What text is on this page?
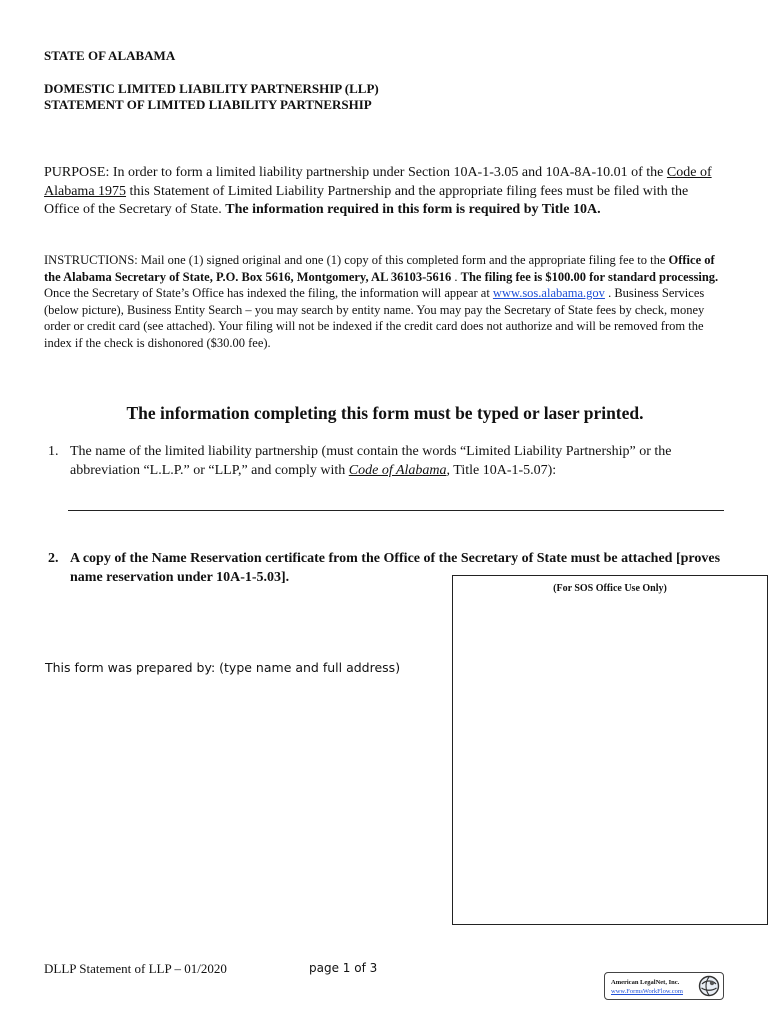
STATE OF ALABAMA
DOMESTIC LIMITED LIABILITY PARTNERSHIP (LLP)
STATEMENT OF LIMITED LIABILITY PARTNERSHIP
PURPOSE: In order to form a limited liability partnership under Section 10A-1-3.05 and 10A-8A-10.01 of the Code of Alabama 1975 this Statement of Limited Liability Partnership and the appropriate filing fees must be filed with the Office of the Secretary of State. The information required in this form is required by Title 10A.
INSTRUCTIONS: Mail one (1) signed original and one (1) copy of this completed form and the appropriate filing fee to the Office of the Alabama Secretary of State, P.O. Box 5616, Montgomery, AL 36103-5616 . The filing fee is $100.00 for standard processing. Once the Secretary of State’s Office has indexed the filing, the information will appear at www.sos.alabama.gov . Business Services (below picture), Business Entity Search – you may search by entity name. You may pay the Secretary of State fees by check, money order or credit card (see attached). Your filing will not be indexed if the credit card does not authorize and will be removed from the index if the check is dishonored ($30.00 fee).
The information completing this form must be typed or laser printed.
1. The name of the limited liability partnership (must contain the words “Limited Liability Partnership” or the abbreviation “L.L.P.” or “LLP,” and comply with Code of Alabama, Title 10A-1-5.07):
2. A copy of the Name Reservation certificate from the Office of the Secretary of State must be attached [proves name reservation under 10A-1-5.03].
(For SOS Office Use Only)
This form was prepared by: (type name and full address)
DLLP Statement of LLP – 01/2020	page 1 of 3
American LegalNet, Inc.
www.FormsWorkFlow.com
